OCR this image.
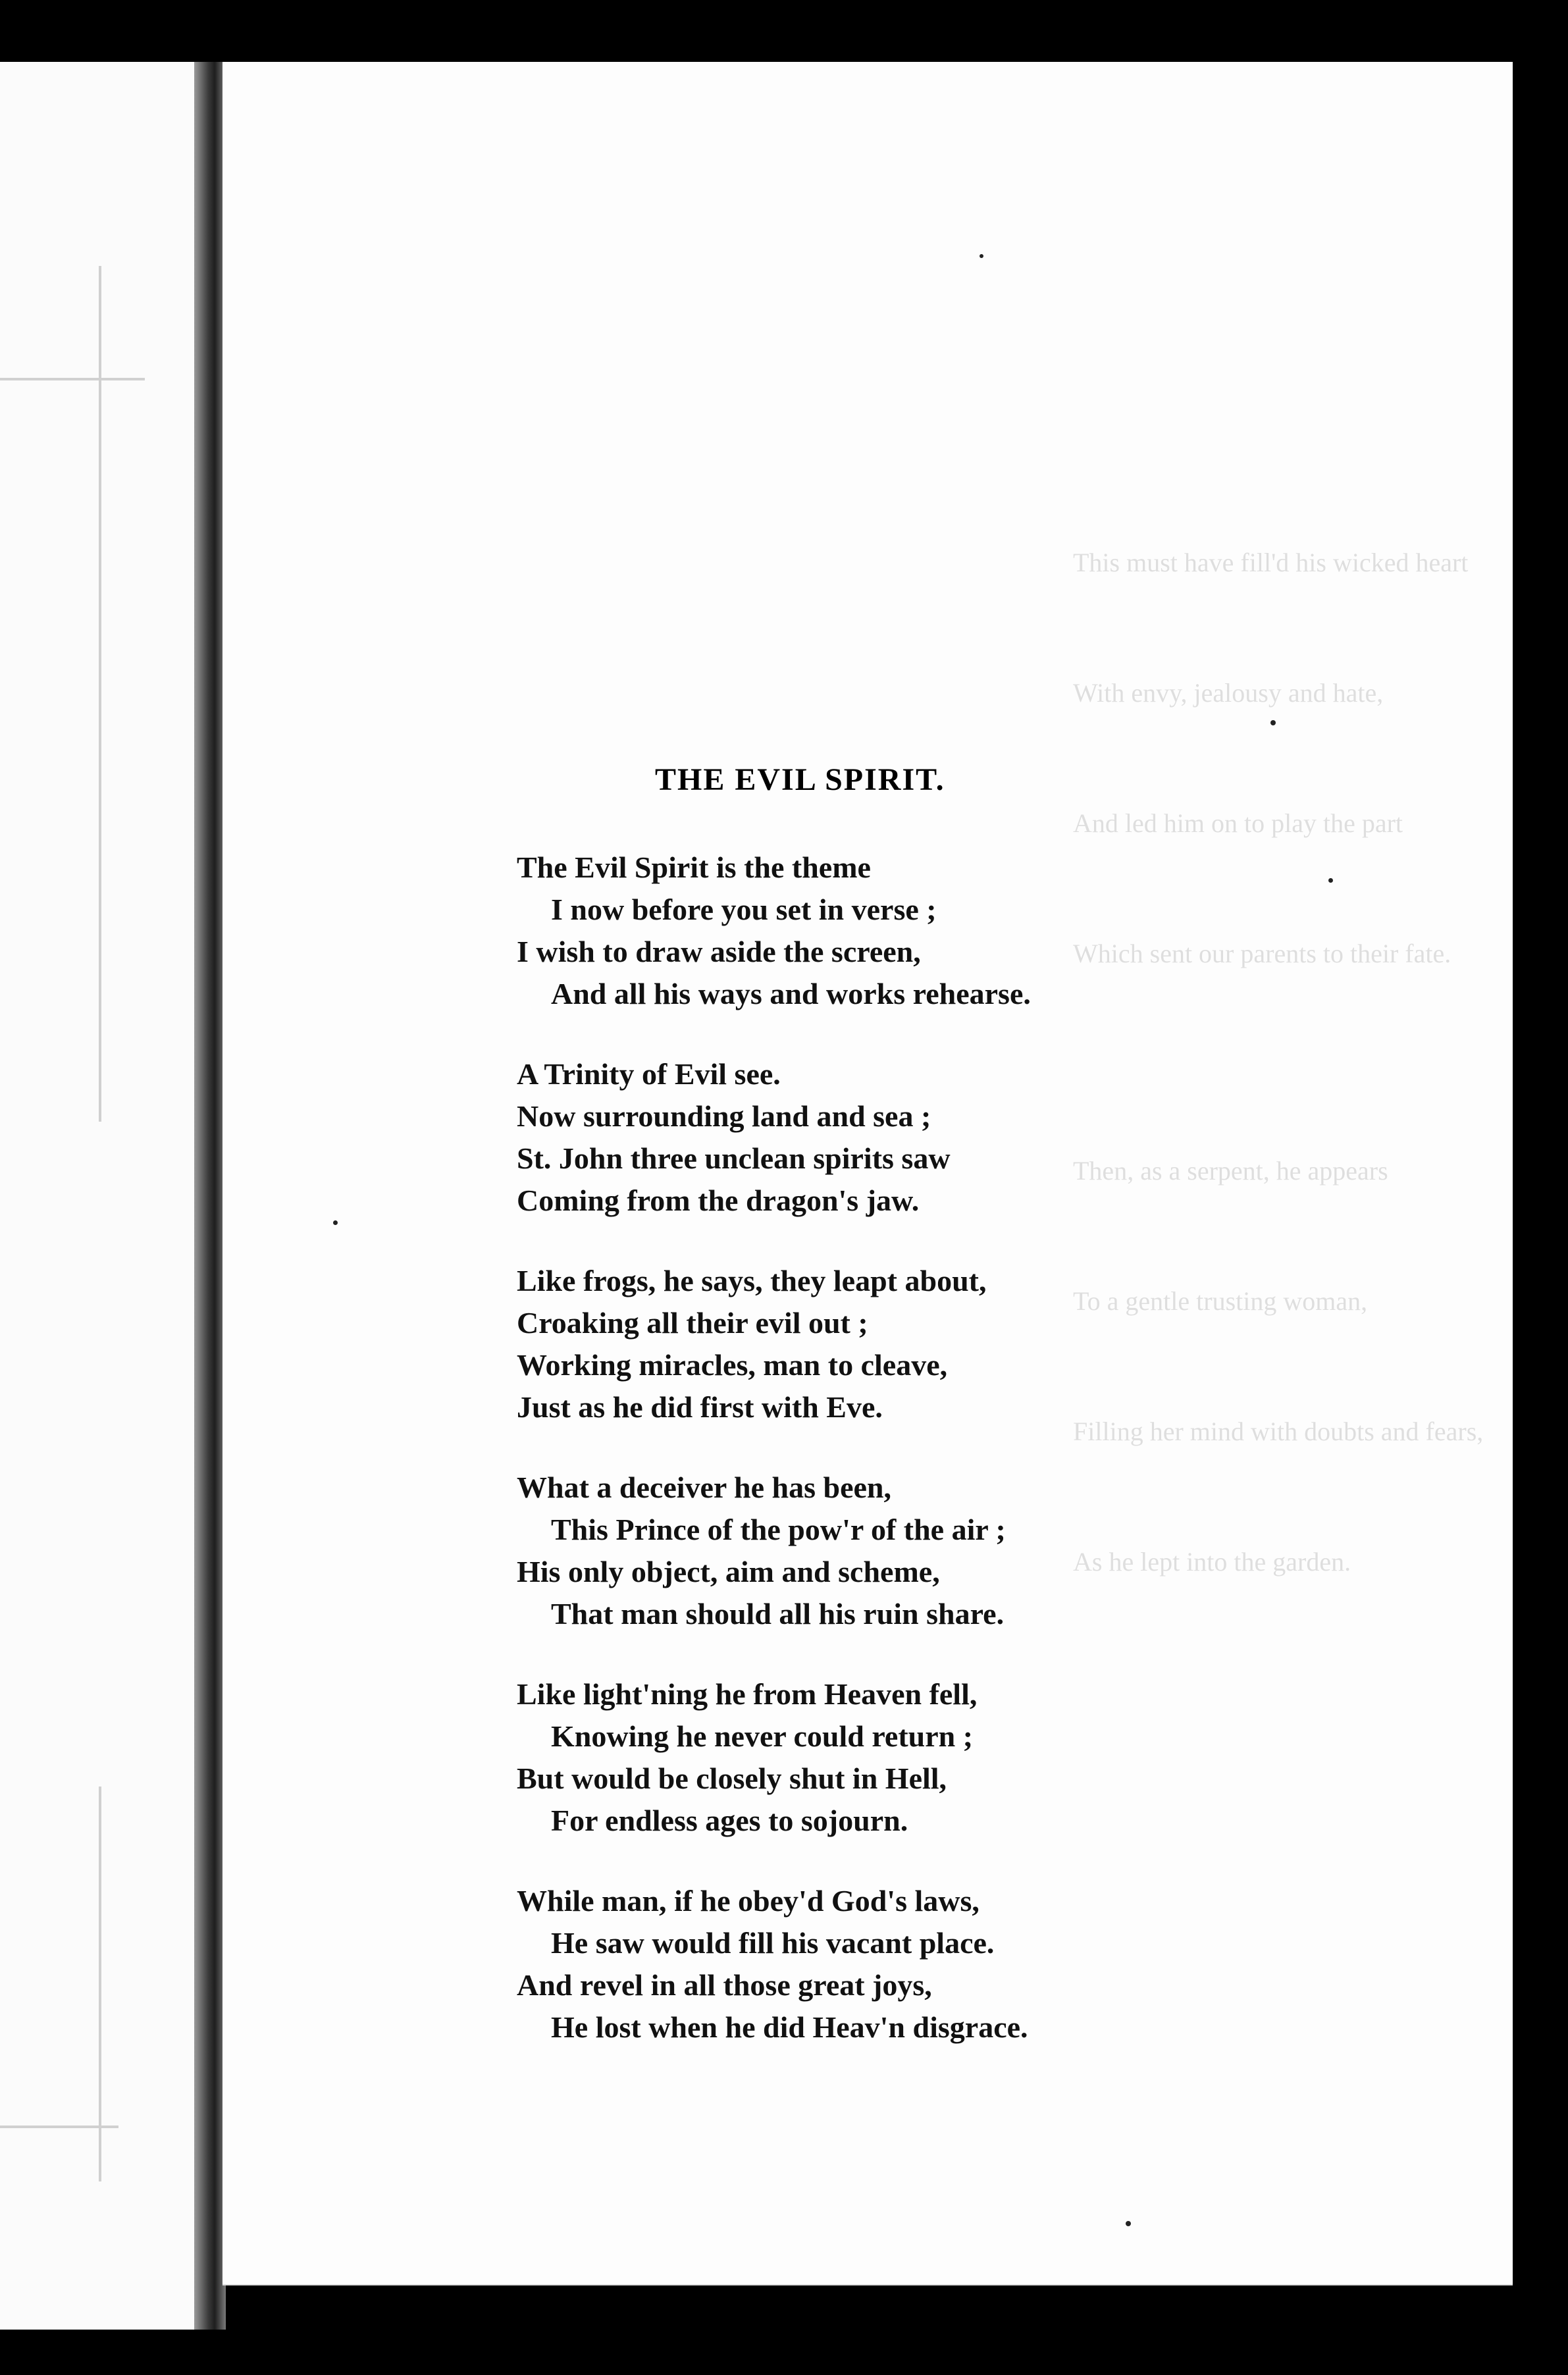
THE EVIL SPIRIT.
The Evil Spirit is the theme
I now before you set in verse ;
I wish to draw aside the screen,
And all his ways and works rehearse.
A Trinity of Evil see.
Now surrounding land and sea ;
St. John three unclean spirits saw
Coming from the dragon's jaw.
Like frogs, he says, they leapt about,
Croaking all their evil out ;
Working miracles, man to cleave,
Just as he did first with Eve.
What a deceiver he has been,
This Prince of the pow'r of the air ;
His only object, aim and scheme,
That man should all his ruin share.
Like light'ning he from Heaven fell,
Knowing he never could return ;
But would be closely shut in Hell,
For endless ages to sojourn.
While man, if he obey'd God's laws,
He saw would fill his vacant place.
And revel in all those great joys,
He lost when he did Heav'n disgrace.
